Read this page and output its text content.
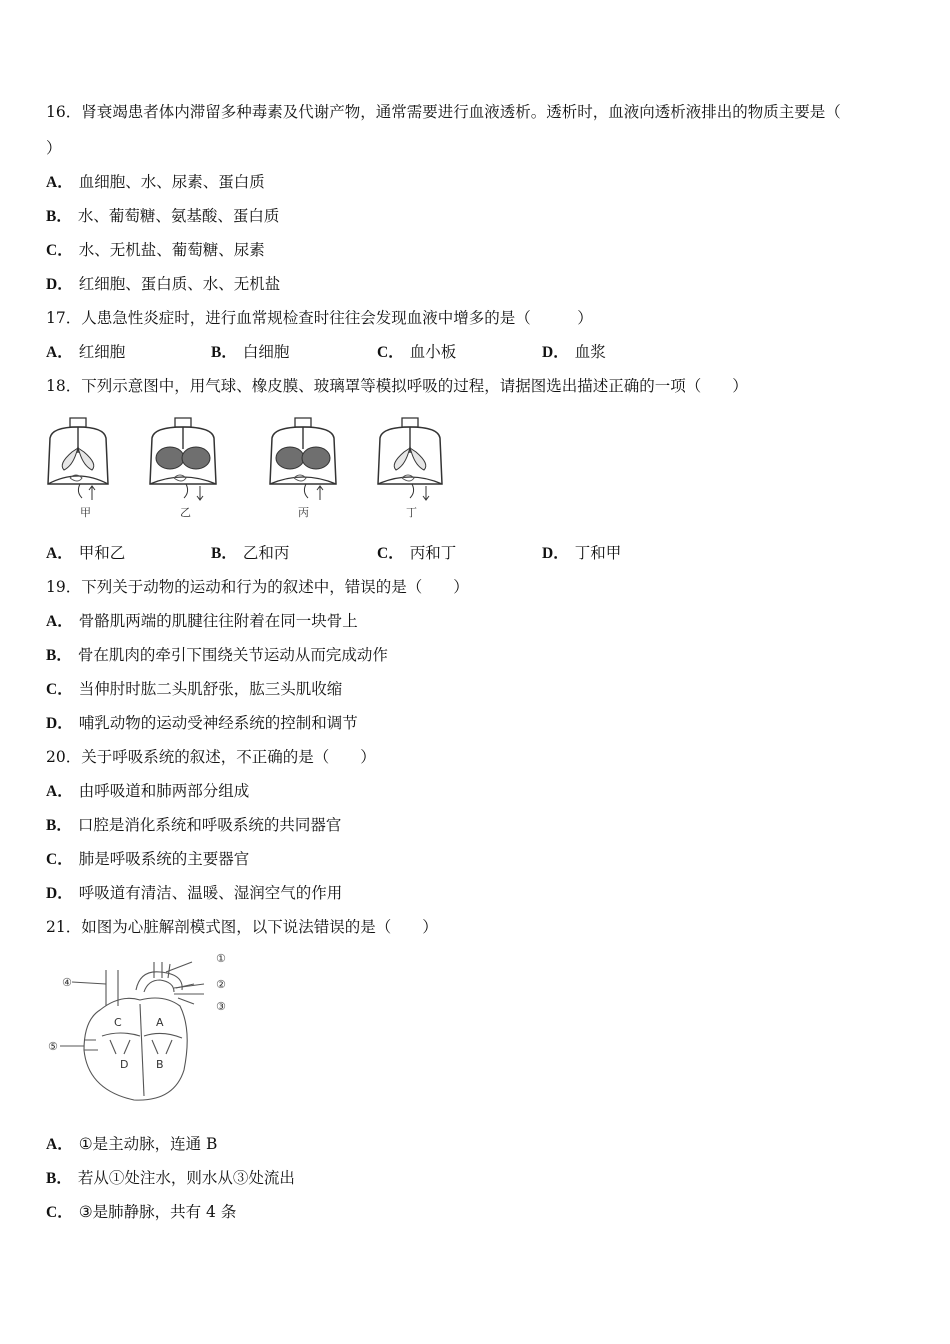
16．肾衰竭患者体内滞留多种毒素及代谢产物，通常需要进行血液透析。透析时，血液向透析液排出的物质主要是（
）
A． 血细胞、水、尿素、蛋白质
B． 水、葡萄糖、氨基酸、蛋白质
C． 水、无机盐、葡萄糖、尿素
D． 红细胞、蛋白质、水、无机盐
17．人患急性炎症时，进行血常规检查时往往会发现血液中增多的是（　　　）
A． 红细胞	B． 白细胞	C． 血小板	D． 血浆
18．下列示意图中，用气球、橡皮膜、玻璃罩等模拟呼吸的过程，请据图选出描述正确的一项（　　）
甲	乙	丙	丁
A． 甲和乙	B． 乙和丙	C． 丙和丁	D． 丁和甲
19．下列关于动物的运动和行为的叙述中，错误的是（　　）
A． 骨骼肌两端的肌腱往往附着在同一块骨上
B． 骨在肌肉的牵引下围绕关节运动从而完成动作
C． 当伸肘时肱二头肌舒张，肱三头肌收缩
D． 哺乳动物的运动受神经系统的控制和调节
20．关于呼吸系统的叙述，不正确的是（　　）
A． 由呼吸道和肺两部分组成
B． 口腔是消化系统和呼吸系统的共同器官
C． 肺是呼吸系统的主要器官
D． 呼吸道有清洁、温暖、湿润空气的作用
21．如图为心脏解剖模式图，以下说法错误的是（　　）
④
⑤
①
②
③
A
B
C
D
A． ①是主动脉，连通 B
B． 若从①处注水，则水从③处流出
C． ③是肺静脉，共有 4 条
